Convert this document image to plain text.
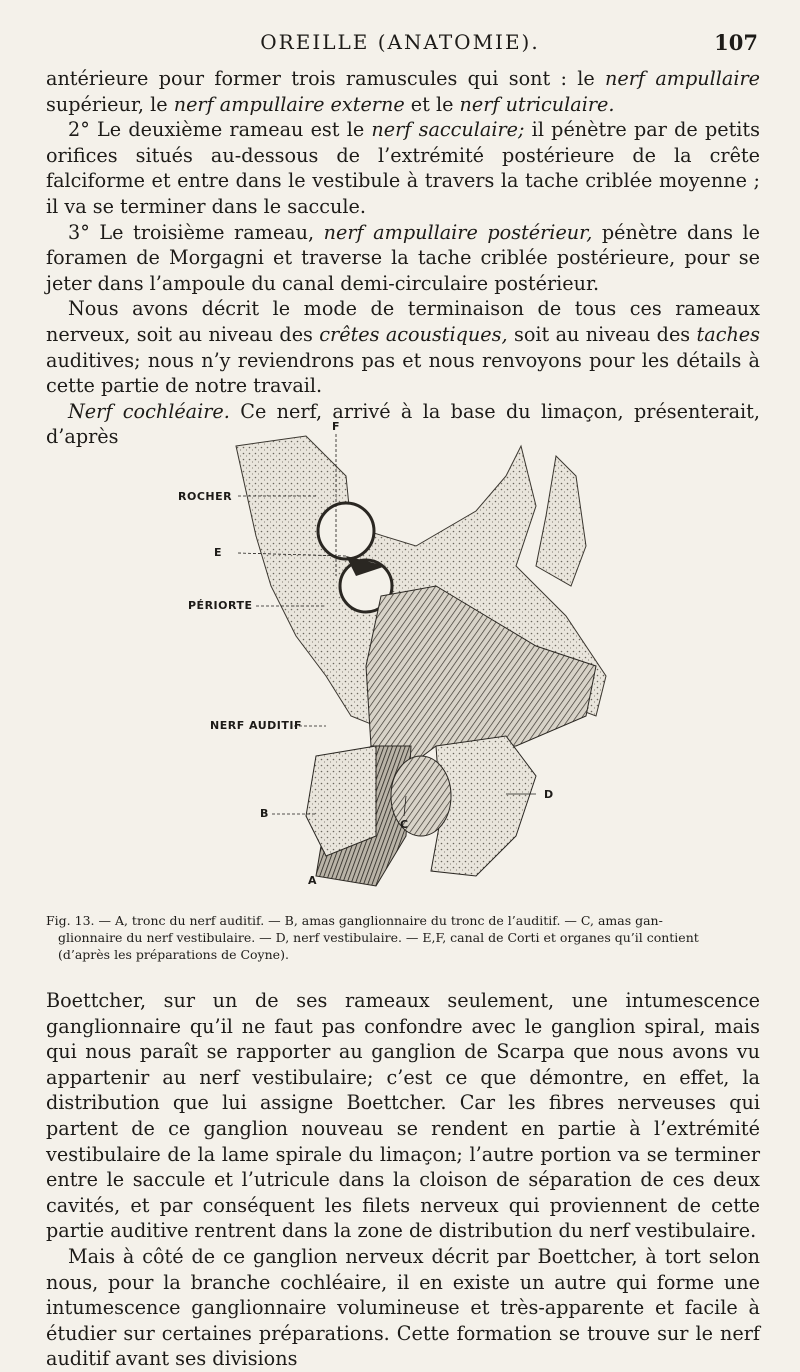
OREILLE (ANATOMIE).	107

antérieure pour former trois ramuscules qui sont : le nerf ampullaire supérieur, le nerf ampullaire externe et le nerf utriculaire.

2° Le deuxième rameau est le nerf sacculaire; il pénètre par de petits orifices situés au-dessous de l’extrémité postérieure de la crête falciforme et entre dans le vestibule à travers la tache criblée moyenne ; il va se terminer dans le saccule.

3° Le troisième rameau, nerf ampullaire postérieur, pénètre dans le foramen de Morgagni et traverse la tache criblée postérieure, pour se jeter dans l’ampoule du canal demi-circulaire postérieur.

Nous avons décrit le mode de terminaison de tous ces rameaux nerveux, soit au niveau des crêtes acoustiques, soit au niveau des taches auditives; nous n’y reviendrons pas et nous renvoyons pour les détails à cette partie de notre travail.

Nerf cochléaire. Ce nerf, arrivé à la base du limaçon, présenterait, d’après	F
ROCHER
E
PÉRIORTE
NERF AUDITIF
B
C
D
A

Fig. 13. — A, tronc du nerf auditif. — B, amas ganglionnaire du tronc de l’auditif. — C, amas gan-

glionnaire du nerf vestibulaire. — D, nerf vestibulaire. — E,F, canal de Corti et organes qu’il contient

(d’après les préparations de Coyne).

Boettcher, sur un de ses rameaux seulement, une intumescence ganglionnaire qu’il ne faut pas confondre avec le ganglion spiral, mais qui nous paraît se rapporter au ganglion de Scarpa que nous avons vu appartenir au nerf vestibulaire; c’est ce que démontre, en effet, la distribution que lui assigne Boettcher. Car les fibres nerveuses qui partent de ce ganglion nouveau se rendent en partie à l’extrémité vestibulaire de la lame spirale du limaçon; l’autre portion va se terminer entre le saccule et l’utricule dans la cloison de séparation de ces deux cavités, et par conséquent les filets nerveux qui proviennent de cette partie auditive rentrent dans la zone de distribution du nerf vestibulaire.

Mais à côté de ce ganglion nerveux décrit par Boettcher, à tort selon nous, pour la branche cochléaire, il en existe un autre qui forme une intumescence ganglionnaire volumineuse et très-apparente et facile à étudier sur certaines préparations. Cette formation se trouve sur le nerf auditif avant ses divisions
